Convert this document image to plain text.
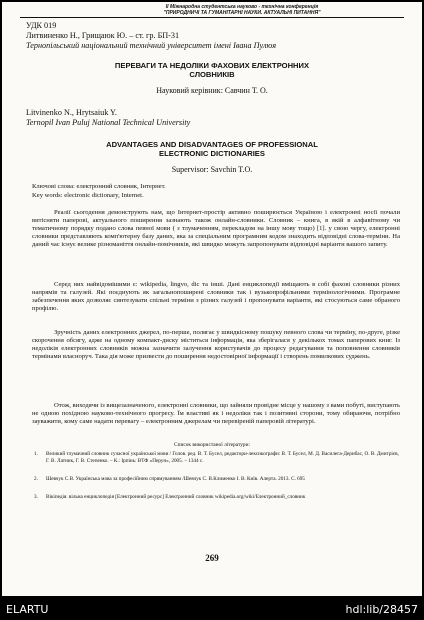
II Міжнародна студентська науково - технічна конференція
"ПРИРОДНИЧІ ТА ГУМАНІТАРНІ НАУКИ. АКТУАЛЬНІ ПИТАННЯ"
УДК 019
Литвиненко Н., Грищаюк Ю. – ст. гр. БП-31
Тернопільський національний технічний університет імені Івана Пулюя
ПЕРЕВАГИ ТА НЕДОЛІКИ ФАХОВИХ ЕЛЕКТРОННИХ
СЛОВНИКІВ
Науковий керівник: Савчин Т. О.
Litvinenko N., Hrytsaiuk Y.
Ternopil Ivan Puluj National Technical University
ADVANTAGES AND DISADVANTAGES OF PROFESSIONAL
ELECTRONIC DICTIONARIES
Supervisor: Savchin T.O.
Ключові слова: електронний словник, Інтернет.
Key words: electronic dictionary, Internet.
Реалії сьогодення демонструють нам, що Інтернет-простір активно поширюється Україною і електронні носії почали витісняти паперові, актуального поширення зазнають також онлайн-словники. Словник – книга, в якій в алфавітному чи тематичному порядку подано слова певної мови ( з тлумаченням, перекладом на іншу мову тощо) [1]. у свою чергу, електронні словники представляють комп'ютерну базу даних, яка за спеціальним програмним кодом знаходить відповідні слова-терміни. На даний час існує велике різноманіття онлайн-помічників, які швидко можуть запропонувати відповідні варіанти вашого запиту.
Серед них найвідомішими є: wikipedia, lingvo, dic та інші. Дані енциклопедії вміщають в собі фахові словники різних напрямів та галузей. Які поєднують як загальнопоширені словники так і вузькопрофільними термінологічними. Програмне забезпечення яких дозволяє синтезувати спільні терміни з різних галузей і пропонувати варіанти, які стосуються саме обраного профілю.
Зручність даних електронних джерел, по-перше, полягає у швидкісному пошуку певного слова чи терміну, по-друге, різке скорочення обсягу, адже на одному компакт-диску міститься інформація, яка зберігалася у декількох томах паперових книг. Із недоліків електронних словників можна зазначити залучення користувачів до процесу редагування та поповнення словників термінами власноруч. Така дія може призвести до поширення недостовірної інформації і створень помилкових суджень.
Отож, виходячи із вищезазначеного, електронні словники, що зайняли провідне місце у нашому з вами побуті, виступають не одною похідною науково-технічного прогресу. Їм властиві як і недоліки так і позитивні сторони, тому обираючи, потрібно зауважити, кому саме надати перевагу – електронним джерелам чи перевіреній паперовій літературі.
Список використаної літератури:
1. Великий тлумачний словник сучасної української мови / Голов. ред. В. Т. Бусел, редактори-лексикографи: В. Т. Бусел, М. Д. Василега-Дерибас, О. В. Дмитрієв, Г. В. Латник, Г. В. Степенко. – К.: Ірпінь: ВТФ «Перун», 2005. – 1344 с.
2. Шевчук С.В. Українська мова за професійним спрямуванням /Шевчук С. В.Клименко І. В. Київ. Алерта. 2013. С. 695
3. Вікіпедія. вільна енциклопедія [Електронний ресурс] Електронний словник wikipedia.org/wiki/Електронний_словник
269
ELARTU	hdl:lib/28457
